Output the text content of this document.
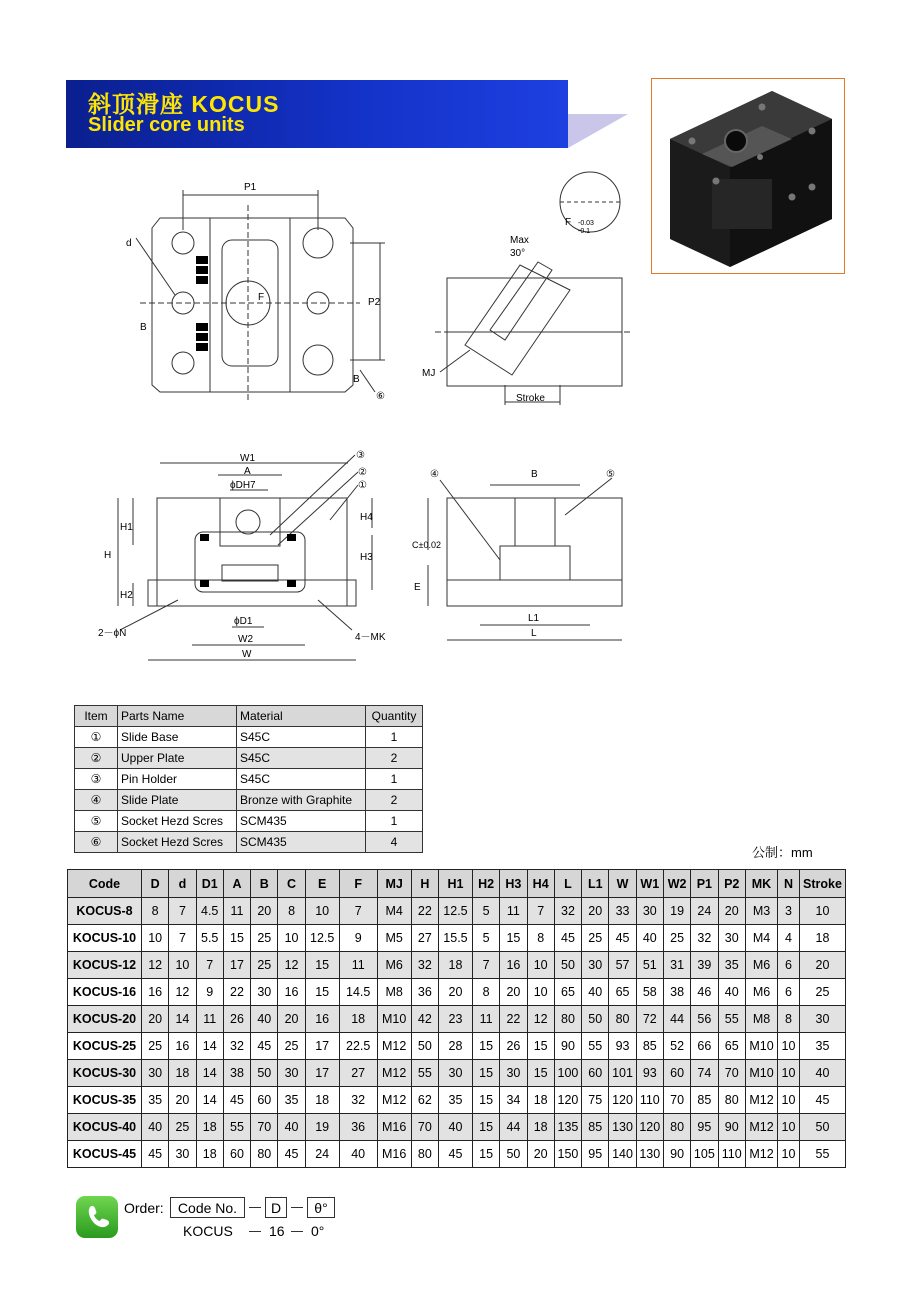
斜顶滑座 KOCUS
Slider core units
P1
d
F
B
P2
B
⑥
F -0.03
-0.1
Max
30°
MJ
Stroke
W1
A
ϕDH7
③
②
①
H
H1
H2
H3
H4
2－ϕN
ϕD1
W2
W
4－MK
④	⑤
B
C±0.02
E
L1
L
Item	Parts Name	Material	Quantity
①	Slide Base	S45C	1
②	Upper Plate	S45C	2
③	Pin Holder	S45C	1
④	Slide Plate	Bronze with Graphite	2
⑤	Socket Hezd Scres	SCM435	1
⑥	Socket Hezd Scres	SCM435	4
公制：mm
Code	D	d	D1	A	B	C	E	F	MJ	H	H1	H2	H3	H4	L	L1	W	W1	W2	P1	P2	MK	N	Stroke
KOCUS-8	8	7	4.5	11	20	8	10	7	M4	22	12.5	5	11	7	32	20	33	30	19	24	20	M3	3	10
KOCUS-10	10	7	5.5	15	25	10	12.5	9	M5	27	15.5	5	15	8	45	25	45	40	25	32	30	M4	4	18
KOCUS-12	12	10	7	17	25	12	15	11	M6	32	18	7	16	10	50	30	57	51	31	39	35	M6	6	20
KOCUS-16	16	12	9	22	30	16	15	14.5	M8	36	20	8	20	10	65	40	65	58	38	46	40	M6	6	25
KOCUS-20	20	14	11	26	40	20	16	18	M10	42	23	11	22	12	80	50	80	72	44	56	55	M8	8	30
KOCUS-25	25	16	14	32	45	25	17	22.5	M12	50	28	15	26	15	90	55	93	85	52	66	65	M10	10	35
KOCUS-30	30	18	14	38	50	30	17	27	M12	55	30	15	30	15	100	60	101	93	60	74	70	M10	10	40
KOCUS-35	35	20	14	45	60	35	18	32	M12	62	35	15	34	18	120	75	120	110	70	85	80	M12	10	45
KOCUS-40	40	25	18	55	70	40	19	36	M16	70	40	15	44	18	135	85	130	120	80	95	90	M12	10	50
KOCUS-45	45	30	18	60	80	45	24	40	M16	80	45	15	50	20	150	95	140	130	90	105	110	M12	10	55
Order:	Code No.	D	θ°
KOCUS	16 0°
